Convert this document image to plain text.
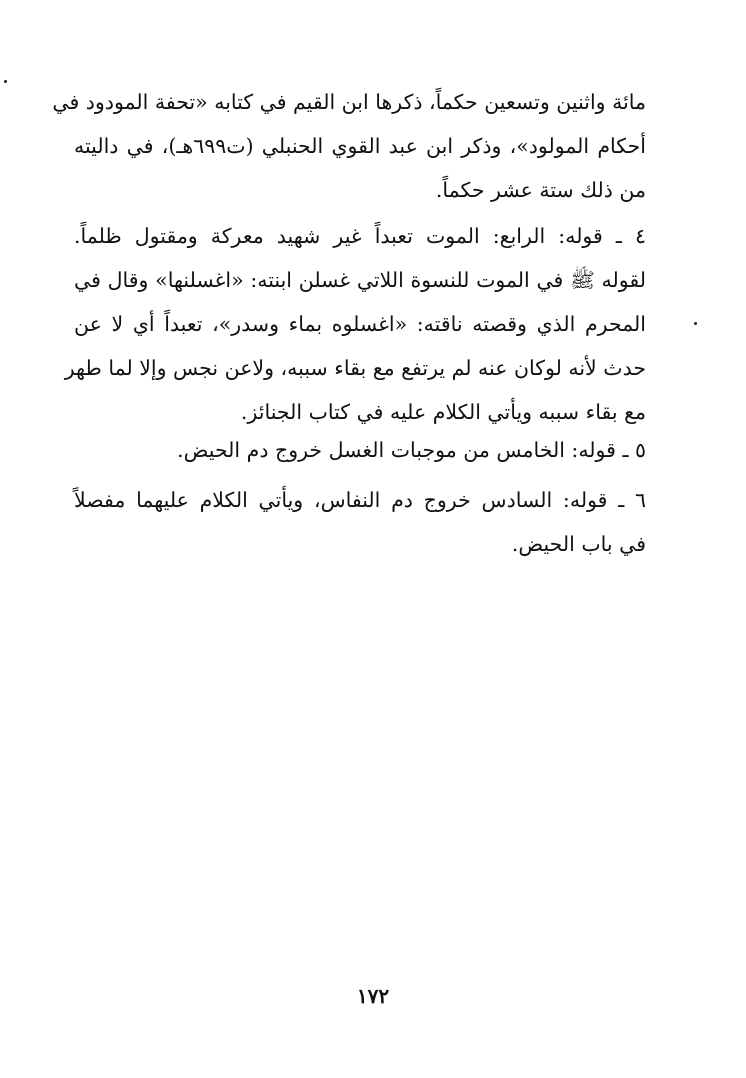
مائة واثنين وتسعين حكماً، ذكرها ابن القيم في كتابه «تحفة المودود في
أحكام المولود»، وذكر ابن عبد القوي الحنبلي (ت٦٩٩هـ)، في داليته
من ذلك ستة عشر حكماً.
٤ ـ قوله: الرابع: الموت تعبداً غير شهيد معركة ومقتول ظلماً.
لقوله ﷺ في الموت للنسوة اللاتي غسلن ابنته: «اغسلنها» وقال في
المحرم الذي وقصته ناقته: «اغسلوه بماء وسدر»، تعبداً أي لا عن
حدث لأنه لوكان عنه لم يرتفع مع بقاء سببه، ولاعن نجس وإلا لما طهر
مع بقاء سببه ويأتي الكلام عليه في كتاب الجنائز.
٥ ـ قوله: الخامس من موجبات الغسل خروج دم الحيض.
٦ ـ قوله: السادس خروج دم النفاس، ويأتي الكلام عليهما مفصلاً
في باب الحيض.
١٧٢
